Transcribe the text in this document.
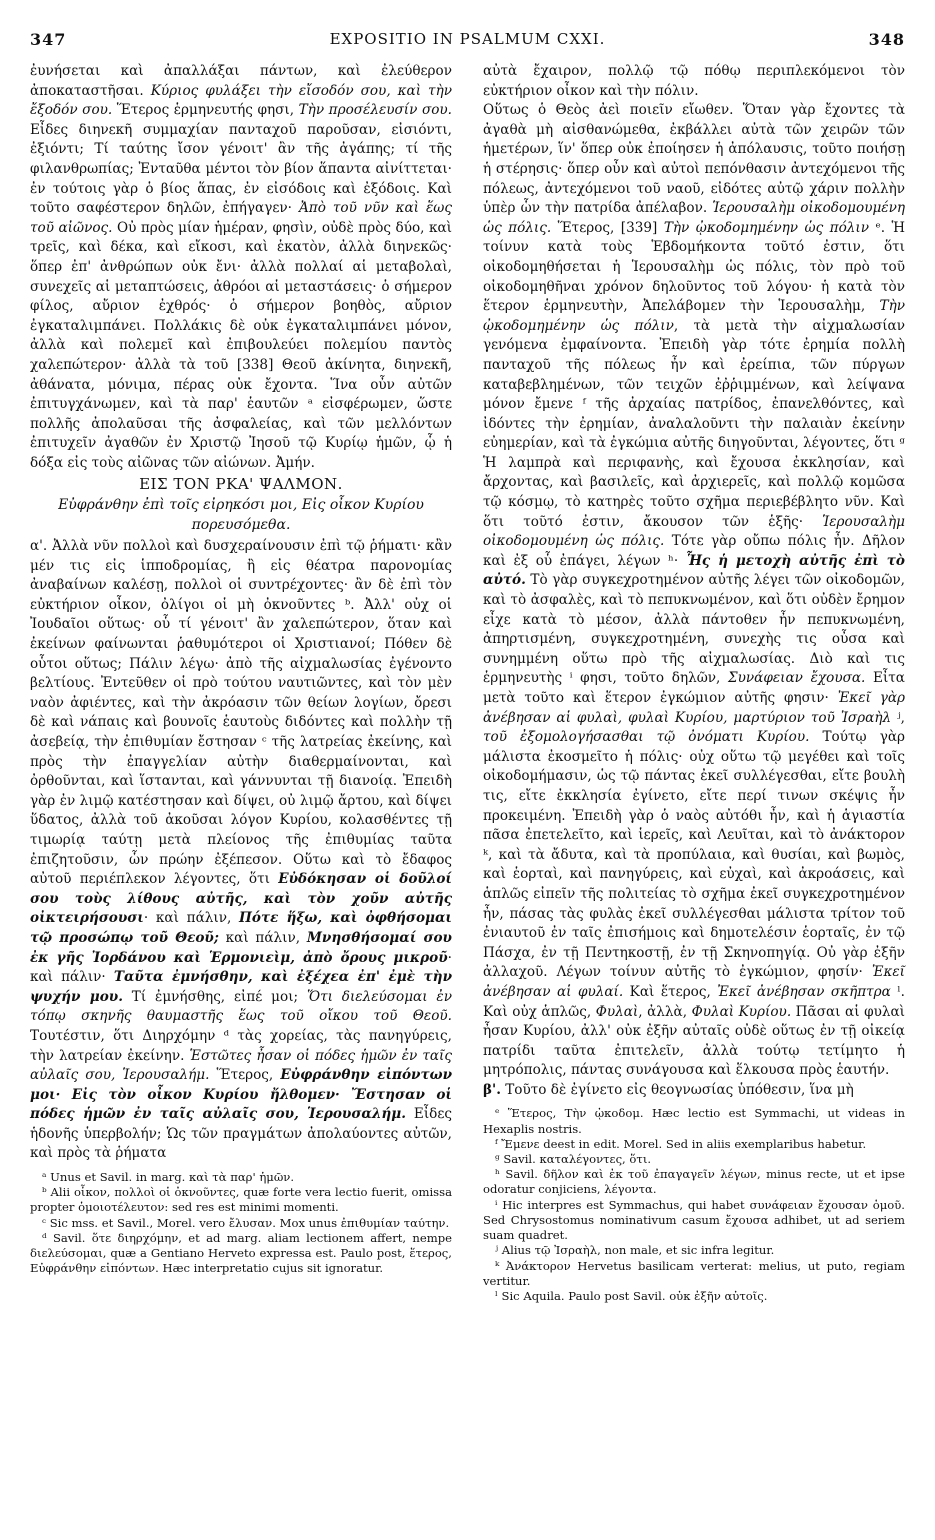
347	EXPOSITIO IN PSALMUM CXXI.	348

ἐυνήσεται καὶ ἀπαλλάξαι πάντων, καὶ ἐλεύθερον ἀποκαταστῆσαι. Κύριος φυλάξει τὴν εἴσοδόν σου, καὶ τὴν ἔξοδόν σου. Ἕτερος ἑρμηνευτής φησι, Τὴν προσέλευσίν σου. Εἶδες διηνεκῆ συμμαχίαν πανταχοῦ παροῦσαν, εἰσιόντι, ἐξιόντι; Τί ταύτης ἴσον γένοιτ' ἂν τῆς ἀγάπης; τί τῆς φιλανθρωπίας; Ἐνταῦθα μέντοι τὸν βίον ἅπαντα αἰνίττεται· ἐν τούτοις γὰρ ὁ βίος ἅπας, ἐν εἰσόδοις καὶ ἐξόδοις. Καὶ τοῦτο σαφέστερον δηλῶν, ἐπήγαγεν· Ἀπὸ τοῦ νῦν καὶ ἕως τοῦ αἰῶνος. Οὐ πρὸς μίαν ἡμέραν, φησὶν, οὐδὲ πρὸς δύο, καὶ τρεῖς, καὶ δέκα, καὶ εἴκοσι, καὶ ἑκατὸν, ἀλλὰ διηνεκῶς· ὅπερ ἐπ' ἀνθρώπων οὐκ ἔνι· ἀλλὰ πολλαί αἱ μεταβολαὶ, συνεχεῖς αἱ μεταπτώσεις, ἀθρόοι αἱ μεταστάσεις· ὁ σήμερον φίλος, αὔριον ἐχθρός· ὁ σήμερον βοηθὸς, αὔριον ἐγκαταλιμπάνει. Πολλάκις δὲ οὐκ ἐγκαταλιμπάνει μόνον, ἀλλὰ καὶ πολεμεῖ καὶ ἐπιβουλεύει πολεμίου παντὸς χαλεπώτερον· ἀλλὰ τὰ τοῦ [338] Θεοῦ ἀκίνητα, διηνεκῆ, ἀθάνατα, μόνιμα, πέρας οὐκ ἔχοντα. Ἵνα οὖν αὐτῶν ἐπιτυγχάνωμεν, καὶ τὰ παρ' ἑαυτῶν ᵃ εἰσφέρωμεν, ὥστε πολλῆς ἀπολαῦσαι τῆς ἀσφαλείας, καὶ τῶν μελλόντων ἐπιτυχεῖν ἀγαθῶν ἐν Χριστῷ Ἰησοῦ τῷ Κυρίῳ ἡμῶν, ᾧ ἡ δόξα εἰς τοὺς αἰῶνας τῶν αἰώνων. Ἀμήν.

ΕΙΣ ΤΟΝ ΡΚΑ' ΨΑΛΜΟΝ.
Εὐφράνθην ἐπὶ τοῖς εἰρηκόσι μοι, Εἰς οἶκον Κυρίου πορευσόμεθα.

α'. Ἀλλὰ νῦν πολλοὶ καὶ δυσχεραίνουσιν ἐπὶ τῷ ῥήματι· κἂν μέν τις εἰς ἱπποδρομίας, ἢ εἰς θέατρα παρονομίας ἀναβαίνων καλέσῃ, πολλοὶ οἱ συντρέχοντες· ἂν δὲ ἐπὶ τὸν εὐκτήριον οἶκον, ὀλίγοι οἱ μὴ ὀκνοῦντες ᵇ. Ἀλλ' οὐχ οἱ Ἰουδαῖοι οὕτως· οὗ τί γένοιτ' ἂν χαλεπώτερον, ὅταν καὶ ἐκείνων φαίνωνται ῥαθυμότεροι οἱ Χριστιανοί; Πόθεν δὲ οὗτοι οὕτως; Πάλιν λέγω· ἀπὸ τῆς αἰχμαλωσίας ἐγένοντο βελτίους. Ἐντεῦθεν οἱ πρὸ τούτου ναυτιῶντες, καὶ τὸν μὲν ναὸν ἀφιέντες, καὶ τὴν ἀκρόασιν τῶν θείων λογίων, ὄρεσι δὲ καὶ νάπαις καὶ βουνοῖς ἑαυτοὺς διδόντες καὶ πολλὴν τῇ ἀσεβείᾳ, τὴν ἐπιθυμίαν ἔστησαν ᶜ τῆς λατρείας ἐκείνης, καὶ πρὸς τὴν ἐπαγγελίαν αὐτὴν διαθερμαίνονται, καὶ ὀρθοῦνται, καὶ ἵστανται, καὶ γάννυνται τῇ διανοίᾳ. Ἐπειδὴ γὰρ ἐν λιμῷ κατέστησαν καὶ δίψει, οὐ λιμῷ ἄρτου, καὶ δίψει ὕδατος, ἀλλὰ τοῦ ἀκοῦσαι λόγον Κυρίου, κολασθέντες τῇ τιμωρίᾳ ταύτῃ μετὰ πλείονος τῆς ἐπιθυμίας ταῦτα ἐπιζητοῦσιν, ὧν πρώην ἐξέπεσον. Οὕτω καὶ τὸ ἔδαφος αὐτοῦ περιέπλεκον λέγοντες, ὅτι Εὐδόκησαν οἱ δοῦλοί σου τοὺς λίθους αὐτῆς, καὶ τὸν χοῦν αὐτῆς οἰκτειρήσουσι· καὶ πάλιν, Πότε ἥξω, καὶ ὀφθήσομαι τῷ προσώπῳ τοῦ Θεοῦ; καὶ πάλιν, Μνησθήσομαί σου ἐκ γῆς Ἰορδάνου καὶ Ἑρμονιεὶμ, ἀπὸ ὄρους μικροῦ· καὶ πάλιν· Ταῦτα ἐμνήσθην, καὶ ἐξέχεα ἐπ' ἐμὲ τὴν ψυχήν μου. Τί ἐμνήσθης, εἰπέ μοι; Ὅτι διελεύσομαι ἐν τόπῳ σκηνῆς θαυμαστῆς ἕως τοῦ οἴκου τοῦ Θεοῦ. Τουτέστιν, ὅτι Διηρχόμην ᵈ τὰς χορείας, τὰς πανηγύρεις, τὴν λατρείαν ἐκείνην. Ἑστῶτες ἦσαν οἱ πόδες ἡμῶν ἐν ταῖς αὐλαῖς σου, Ἱερουσαλήμ. Ἕτερος, Εὐφράνθην εἰπόντων μοι· Εἰς τὸν οἶκον Κυρίου ἤλθομεν· Ἔστησαν οἱ πόδες ἡμῶν ἐν ταῖς αὐλαῖς σου, Ἱερουσαλήμ. Εἶδες ἡδονῆς ὑπερβολήν; Ὡς τῶν πραγμάτων ἀπολαύοντες αὐτῶν, καὶ πρὸς τὰ ῥήματα

ᵃ Unus et Savil. in marg. καὶ τὰ παρ' ἡμῶν.

ᵇ Alii οἶκον, πολλοὶ οἱ ὀκνοῦντες, quæ forte vera lectio fuerit, omissa propter ὁμοιοτέλευτον: sed res est minimi momenti.

ᶜ Sic mss. et Savil., Morel. vero ἔλυσαν. Mox unus ἐπιθυμίαν ταύτην.

ᵈ Savil. ὅτε διηρχόμην, et ad marg. aliam lectionem affert, nempe διελεύσομαι, quæ a Gentiano Herveto expressa est. Paulo post, ἕτερος, Εὐφράνθην εἰπόντων. Hæc interpretatio cujus sit ignoratur.

αὐτὰ ἔχαιρον, πολλῷ τῷ πόθῳ περιπλεκόμενοι τὸν εὐκτήριον οἶκον καὶ τὴν πόλιν.

Οὕτως ὁ Θεὸς ἀεὶ ποιεῖν εἴωθεν. Ὅταν γὰρ ἔχοντες τὰ ἀγαθὰ μὴ αἰσθανώμεθα, ἐκβάλλει αὐτὰ τῶν χειρῶν τῶν ἡμετέρων, ἵν' ὅπερ οὐκ ἐποίησεν ἡ ἀπόλαυσις, τοῦτο ποιήσῃ ἡ στέρησις· ὅπερ οὖν καὶ αὐτοὶ πεπόνθασιν ἀντεχόμενοι τῆς πόλεως, ἀντεχόμενοι τοῦ ναοῦ, εἰδότες αὐτῷ χάριν πολλὴν ὑπὲρ ὧν τὴν πατρίδα ἀπέλαβον. Ἱερουσαλὴμ οἰκοδομουμένη ὡς πόλις. Ἕτερος, [339] Τὴν ᾠκοδομημένην ὡς πόλιν ᵉ. Ἡ τοίνυν κατὰ τοὺς Ἑβδομήκοντα τοῦτό ἐστιν, ὅτι οἰκοδομηθήσεται ἡ Ἱερουσαλὴμ ὡς πόλις, τὸν πρὸ τοῦ οἰκοδομηθῆναι χρόνον δηλοῦντος τοῦ λόγου· ἡ κατὰ τὸν ἕτερον ἑρμηνευτὴν, Ἀπελάβομεν τὴν Ἱερουσαλὴμ, Τὴν ᾠκοδομημένην ὡς πόλιν, τὰ μετὰ τὴν αἰχμαλωσίαν γενόμενα ἐμφαίνοντα. Ἐπειδὴ γὰρ τότε ἐρημία πολλὴ πανταχοῦ τῆς πόλεως ἦν καὶ ἐρείπια, τῶν πύργων καταβεβλημένων, τῶν τειχῶν ἐῤῥιμμένων, καὶ λείψανα μόνον ἔμενε ᶠ τῆς ἀρχαίας πατρίδος, ἐπανελθόντες, καὶ ἰδόντες τὴν ἐρημίαν, ἀναλαλοῦντι τὴν παλαιὰν ἐκείνην εὐημερίαν, καὶ τὰ ἐγκώμια αὐτῆς διηγοῦνται, λέγοντες, ὅτι ᵍ Ἡ λαμπρὰ καὶ περιφανὴς, καὶ ἔχουσα ἐκκλησίαν, καὶ ἄρχοντας, καὶ βασιλεῖς, καὶ ἀρχιερεῖς, καὶ πολλῷ κομῶσα τῷ κόσμῳ, τὸ κατηρὲς τοῦτο σχῆμα περιεβέβλητο νῦν. Καὶ ὅτι τοῦτό ἐστιν, ἄκουσον τῶν ἑξῆς· Ἱερουσαλὴμ οἰκοδομουμένη ὡς πόλις. Τότε γὰρ οὔπω πόλις ἦν. Δῆλον καὶ ἐξ οὗ ἐπάγει, λέγων ʰ· Ἧς ἡ μετοχὴ αὐτῆς ἐπὶ τὸ αὐτό. Τὸ γὰρ συγκεχροτημένον αὐτῆς λέγει τῶν οἰκοδομῶν, καὶ τὸ ἀσφαλὲς, καὶ τὸ πεπυκνωμένον, καὶ ὅτι οὐδὲν ἔρημον εἶχε κατὰ τὸ μέσον, ἀλλὰ πάντοθεν ἦν πεπυκνωμένη, ἀπηρτισμένη, συγκεχροτημένη, συνεχὴς τις οὖσα καὶ συνημμένη οὕτω πρὸ τῆς αἰχμαλωσίας. Διὸ καὶ τις ἑρμηνευτὴς ⁱ φησι, τοῦτο δηλῶν, Συνάφειαν ἔχουσα. Εἶτα μετὰ τοῦτο καὶ ἕτερον ἐγκώμιον αὐτῆς φησιν· Ἐκεῖ γὰρ ἀνέβησαν αἱ φυλαὶ, φυλαὶ Κυρίου, μαρτύριον τοῦ Ἰσραὴλ ʲ, τοῦ ἐξομολογήσασθαι τῷ ὀνόματι Κυρίου. Τούτῳ γὰρ μάλιστα ἐκοσμεῖτο ἡ πόλις· οὐχ οὕτω τῷ μεγέθει καὶ τοῖς οἰκοδομήμασιν, ὡς τῷ πάντας ἐκεῖ συλλέγεσθαι, εἴτε βουλὴ τις, εἴτε ἐκκλησία ἐγίνετο, εἴτε περί τινων σκέψις ἦν προκειμένη. Ἐπειδὴ γὰρ ὁ ναὸς αὐτόθι ἦν, καὶ ἡ ἁγιαστία πᾶσα ἐπετελεῖτο, καὶ ἱερεῖς, καὶ Λευῖται, καὶ τὸ ἀνάκτορον ᵏ, καὶ τὰ ἄδυτα, καὶ τὰ προπύλαια, καὶ θυσίαι, καὶ βωμὸς, καὶ ἑορταὶ, καὶ πανηγύρεις, καὶ εὐχαὶ, καὶ ἀκροάσεις, καὶ ἁπλῶς εἰπεῖν τῆς πολιτείας τὸ σχῆμα ἐκεῖ συγκεχροτημένον ἦν, πάσας τὰς φυλὰς ἐκεῖ συλλέγεσθαι μάλιστα τρίτον τοῦ ἐνιαυτοῦ ἐν ταῖς ἐπισήμοις καὶ δημοτελέσιν ἑορταῖς, ἐν τῷ Πάσχα, ἐν τῇ Πεντηκοστῇ, ἐν τῇ Σκηνοπηγίᾳ. Οὐ γὰρ ἐξῆν ἀλλαχοῦ. Λέγων τοίνυν αὐτῆς τὸ ἐγκώμιον, φησίν· Ἐκεῖ ἀνέβησαν αἱ φυλαί. Καὶ ἕτερος, Ἐκεῖ ἀνέβησαν σκῆπτρα ˡ. Καὶ οὐχ ἁπλῶς, Φυλαὶ, ἀλλὰ, Φυλαὶ Κυρίου. Πᾶσαι αἱ φυλαὶ ἦσαν Κυρίου, ἀλλ' οὐκ ἐξῆν αὐταῖς οὐδὲ οὕτως ἐν τῇ οἰκείᾳ πατρίδι ταῦτα ἐπιτελεῖν, ἀλλὰ τούτῳ τετίμητο ἡ μητρόπολις, πάντας συνάγουσα καὶ ἕλκουσα πρὸς ἑαυτήν.

β'. Τοῦτο δὲ ἐγίνετο εἰς θεογνωσίας ὑπόθεσιν, ἵνα μὴ

ᵉ Ἕτερος, Τὴν ᾠκοδομ. Hæc lectio est Symmachi, ut videas in Hexaplis nostris.

ᶠ Ἔμενε deest in edit. Morel. Sed in aliis exemplaribus habetur.

ᵍ Savil. καταλέγοντες, ὅτι.

ʰ Savil. δῆλον καὶ ἐκ τοῦ ἐπαγαγεῖν λέγων, minus recte, ut et ipse odoratur conjiciens, λέγοντα.

ⁱ Hic interpres est Symmachus, qui habet συνάφειαν ἔχουσαν ὁμοῦ. Sed Chrysostomus nominativum casum ἔχουσα adhibet, ut ad seriem suam quadret.

ʲ Alius τῷ Ἰσραὴλ, non male, et sic infra legitur.

ᵏ Ἀνάκτορον Hervetus basilicam verterat: melius, ut puto, regiam vertitur.

ˡ Sic Aquila. Paulo post Savil. οὐκ ἐξῆν αὐτοῖς.
